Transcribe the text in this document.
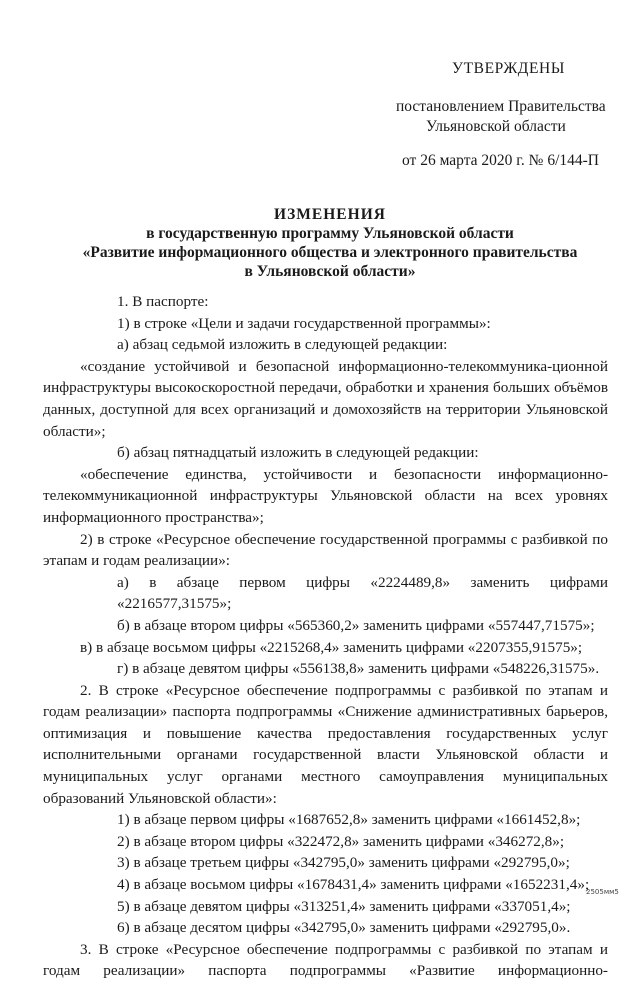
УТВЕРЖДЕНЫ
постановлением Правительства
Ульяновской области
от 26 марта 2020 г. № 6/144-П
ИЗМЕНЕНИЯ
в государственную программу Ульяновской области
«Развитие информационного общества и электронного правительства
в Ульяновской области»
1. В паспорте:
1) в строке «Цели и задачи государственной программы»:
а) абзац седьмой изложить в следующей редакции:
«создание устойчивой и безопасной информационно-телекоммуника-ционной инфраструктуры высокоскоростной передачи, обработки и хранения больших объёмов данных, доступной для всех организаций и домохозяйств на территории Ульяновской области»;
б) абзац пятнадцатый изложить в следующей редакции:
«обеспечение единства, устойчивости и безопасности информационно-телекоммуникационной инфраструктуры Ульяновской области на всех уровнях информационного пространства»;
2) в строке «Ресурсное обеспечение государственной программы с разбивкой по этапам и годам реализации»:
а) в абзаце первом цифры «2224489,8» заменить цифрами «2216577,31575»;
б) в абзаце втором цифры «565360,2» заменить цифрами «557447,71575»;
в) в абзаце восьмом цифры «2215268,4» заменить цифрами «2207355,91575»;
г) в абзаце девятом цифры «556138,8» заменить цифрами «548226,31575».
2. В строке «Ресурсное обеспечение подпрограммы с разбивкой по этапам и годам реализации» паспорта подпрограммы «Снижение административных барьеров, оптимизация и повышение качества предоставления государственных услуг исполнительными органами государственной власти Ульяновской области и муниципальных услуг органами местного самоуправления муниципальных образований Ульяновской области»:
1) в абзаце первом цифры «1687652,8» заменить цифрами «1661452,8»;
2) в абзаце втором цифры «322472,8» заменить цифрами «346272,8»;
3) в абзаце третьем цифры «342795,0» заменить цифрами «292795,0»;
4) в абзаце восьмом цифры «1678431,4» заменить цифрами «1652231,4»;
5) в абзаце девятом цифры «313251,4» заменить цифрами «337051,4»;
6) в абзаце десятом цифры «342795,0» заменить цифрами «292795,0».
3. В строке «Ресурсное обеспечение подпрограммы с разбивкой по этапам и годам реализации» паспорта подпрограммы «Развитие информационно-
2505мм5
